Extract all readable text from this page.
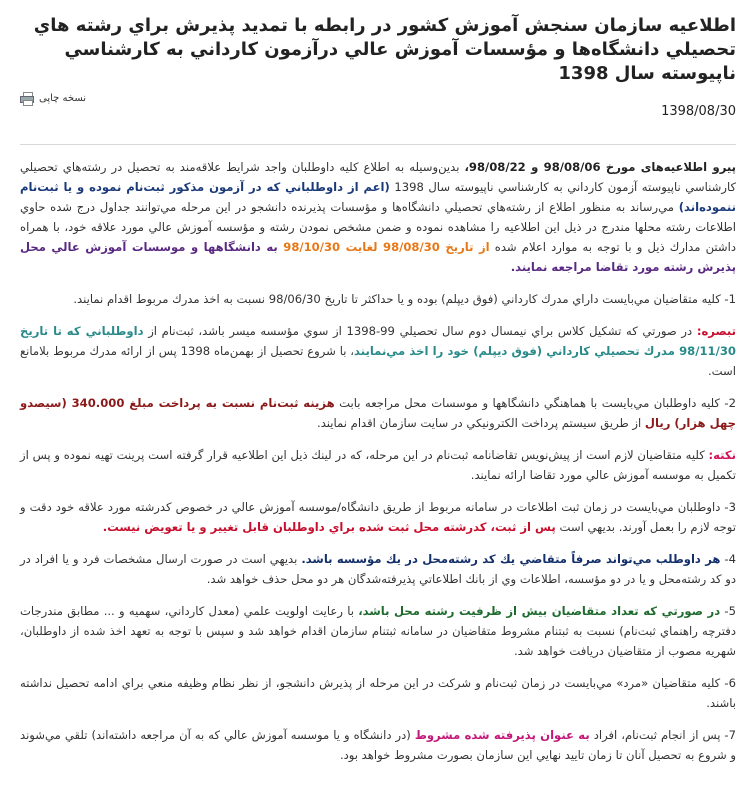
اطلاعيه سازمان سنجش آموزش كشور در رابطه با تمديد پذيرش براي رشته هاي تحصيلي دانشگاه‌ها و مؤسسات آموزش عالي درآزمون كارداني به كارشناسي ناپيوسته سال 1398
نسخه چاپی
1398/08/30

پیرو اطلاعیه‌های مورخ 98/08/06 و 98/08/22، بدین‌وسیله به اطلاع كليه داوطلبان واجد شرايط علاقه‌مند به تحصيل در رشته‌هاي تحصيلي كارشناسي ناپيوسته آزمون كارداني به كارشناسي ناپيوسته سال 1398 (اعم از داوطلباني كه در آزمون مذكور ثبت‌نام نموده و يا ثبت‌نام ننموده‌اند) مي‌رساند به منظور اطلاع از رشته‌هاي تحصيلي دانشگاه‌ها و مؤسسات پذيرنده دانشجو در اين مرحله مي‌توانند جداول درج شده حاوي اطلاعات رشته محلها مندرج در ذيل اين اطلاعيه را مشاهده نموده و ضمن مشخص نمودن رشته و مؤسسه آموزش عالي مورد علاقه خود، با همراه داشتن مدارك ذيل و با توجه به موارد اعلام شده از تاريخ 98/08/30 لغايت 98/10/30 به دانشگاهها و موسسات آموزش عالي محل پذيرش رشته مورد تقاضا مراجعه نمايند.

1- كليه متقاضيان مي‌بايست داراي مدرك كارداني (فوق ديپلم) بوده و يا حداكثر تا تاريخ 98/06/30 نسبت به اخذ مدرك مربوط اقدام نمايند.

تبصره: در صورتي كه تشكيل كلاس براي نيمسال دوم سال تحصيلي 99-1398 از سوي مؤسسه ميسر باشد، ثبت‌نام از داوطلباني كه تا تاريخ 98/11/30 مدرك تحصيلي كارداني (فوق ديپلم) خود را اخذ مي‌نمايند، با شروع تحصيل از بهمن‌ماه 1398 پس از ارائه مدرك مربوط بلامانع است.

2- كليه داوطلبان مي‌بايست با هماهنگي دانشگاهها و موسسات محل مراجعه بابت هزينه ثبت‌نام نسبت به پرداخت مبلغ 340.000 (سيصدو چهل هزار) ريال از طريق سيستم پرداخت الكترونيكي در سايت سازمان اقدام نمايند.

نكته: كليه متقاضيان لازم است از پيش‌نويس تقاضانامه ثبت‌نام در اين مرحله، كه در لينك ذيل اين اطلاعيه قرار گرفته است پرينت تهيه نموده و پس از تكميل به موسسه آموزش عالي مورد تقاضا ارائه نمايند.

3- داوطلبان مي‌بايست در زمان ثبت اطلاعات در سامانه مربوط از طريق دانشگاه/موسسه آموزش عالي در خصوص كدرشته مورد علاقه خود دقت و توجه لازم را بعمل آورند. بديهي است پس از ثبت، كدرشته محل ثبت شده براي داوطلبان قابل تغيير و يا تعويض نيست.

4- هر داوطلب مي‌تواند صرفاً متقاضي يك كد رشته‌محل در يك مؤسسه باشد. بديهي است در صورت ارسال مشخصات فرد و يا افراد در دو كد رشته‌محل و يا در دو مؤسسه، اطلاعات وي از بانك اطلاعاتي پذيرفته‌شدگان هر دو محل حذف خواهد شد.

5- در صورتي كه تعداد متقاضيان بيش از ظرفيت رشته محل باشد، با رعايت اولويت علمي (معدل كارداني، سهميه و ... مطابق مندرجات دفترچه راهنماي ثبت‌نام) نسبت به ثبتنام مشروط متقاضيان در سامانه ثبتنام سازمان اقدام خواهد شد و سپس با توجه به تعهد اخذ شده از داوطلبان، شهريه مصوب از متقاضيان دريافت خواهد شد.

6- كليه متقاضيان «مرد» مي‌بايست در زمان ثبت‌نام و شركت در اين مرحله از پذيرش دانشجو، از نظر نظام وظيفه منعي براي ادامه تحصيل نداشته باشند.

7- پس از انجام ثبت‌نام، افراد به عنوان پذيرفته شده مشروط (در دانشگاه و يا موسسه آموزش عالي كه به آن مراجعه داشته‌اند) تلقي مي‌شوند و شروع به تحصيل آنان تا زمان تاييد نهايي اين سازمان بصورت مشروط خواهد بود.
